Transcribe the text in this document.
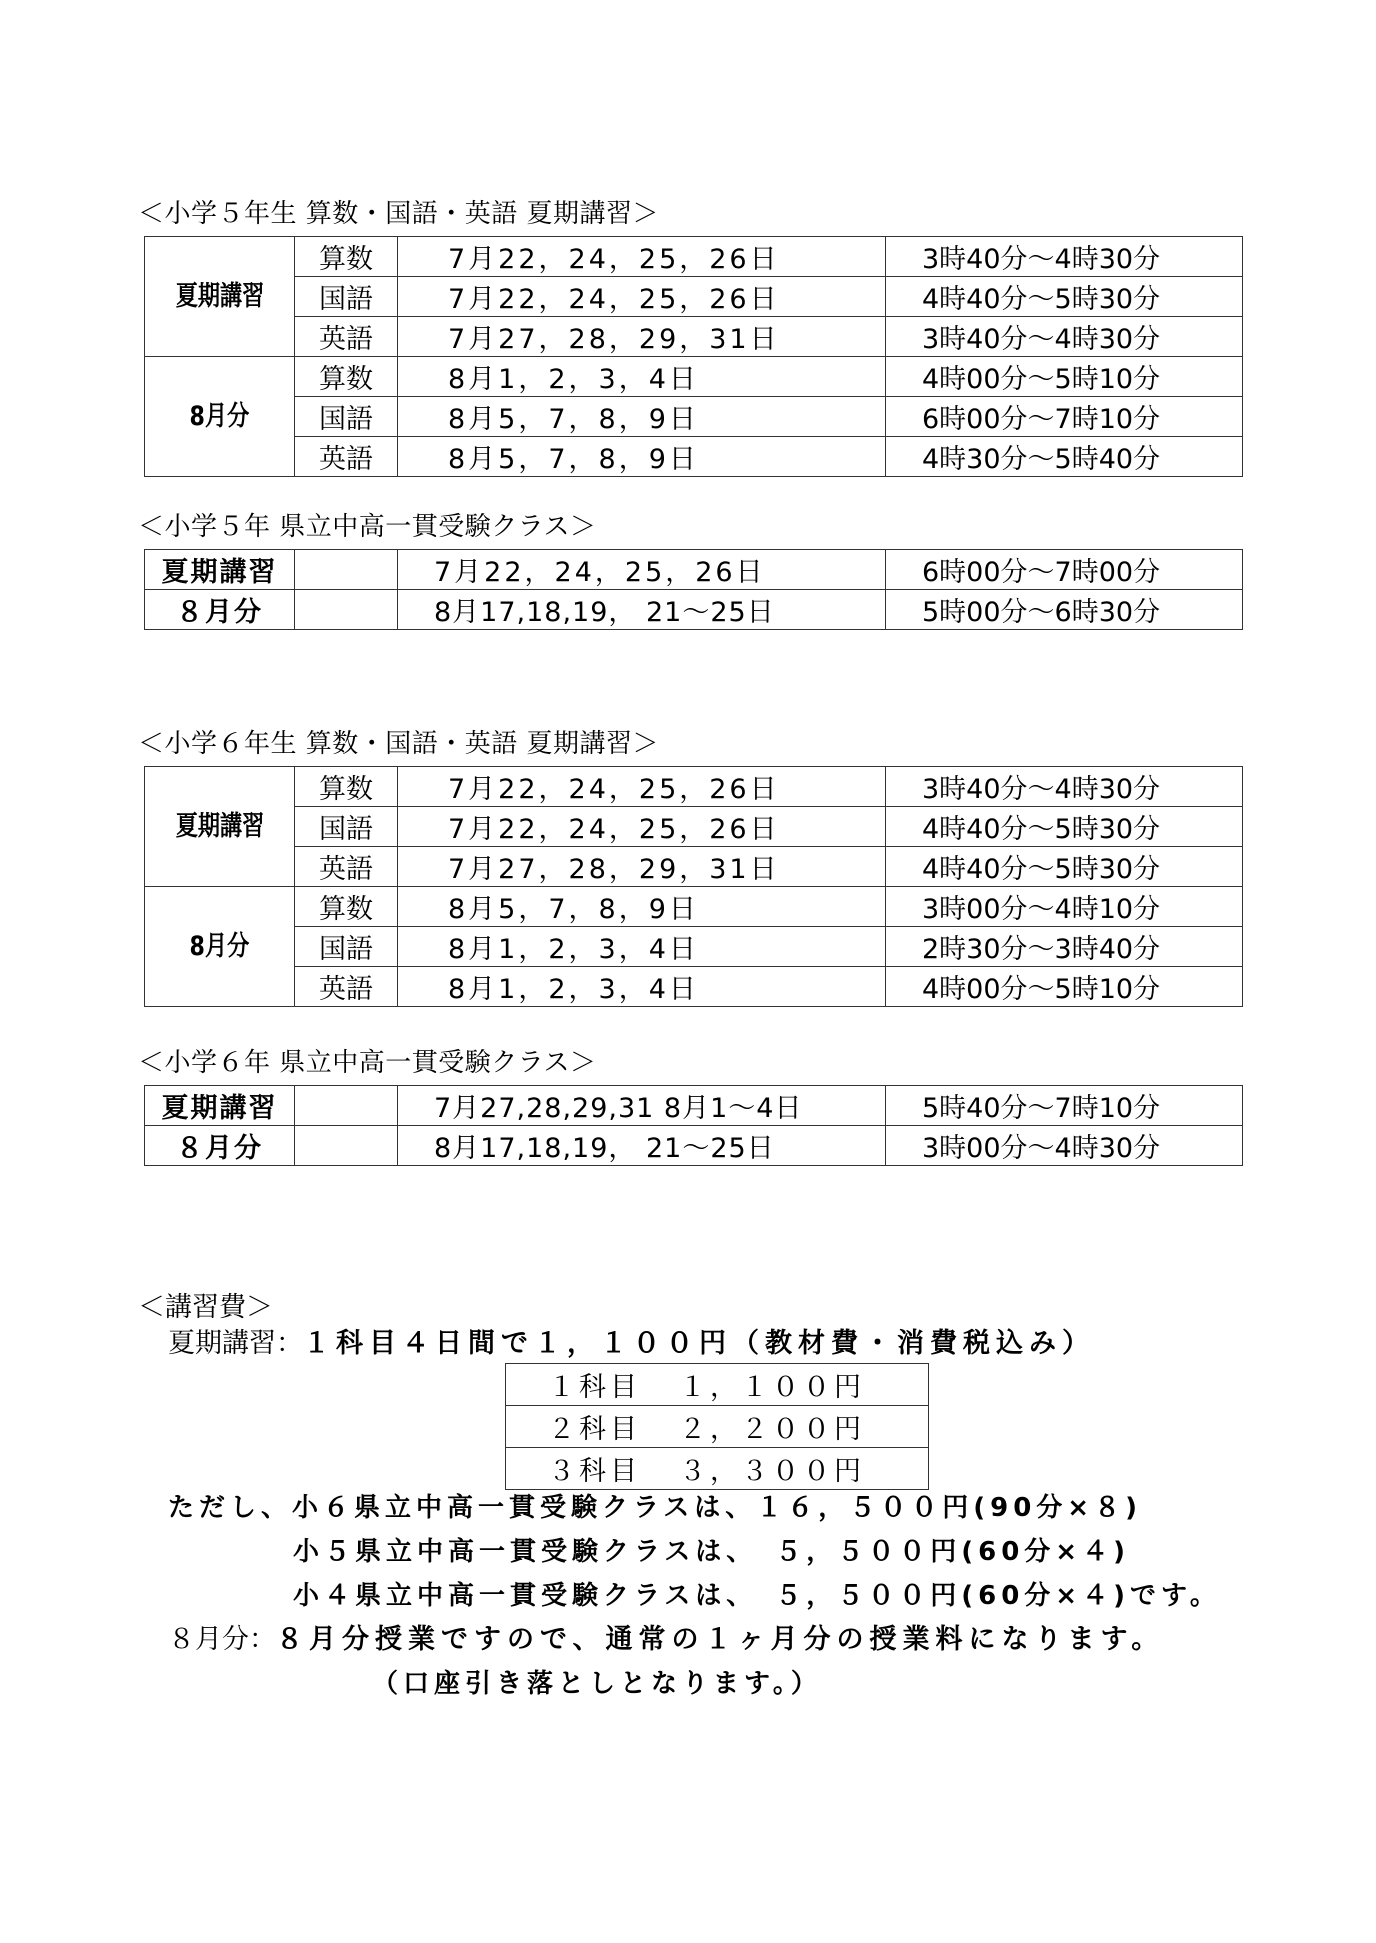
＜小学５年生 算数・国語・英語 夏期講習＞
夏期講習	算数	7月22，24，25，26日	3時40分～4時30分
	国語	7月22，24，25，26日	4時40分～5時30分
	英語	7月27，28，29，31日	3時40分～4時30分
8月分	算数	8月1，2，3，4日	4時00分～5時10分
	国語	8月5，7，8，9日	6時00分～7時10分
	英語	8月5，7，8，9日	4時30分～5時40分
＜小学５年 県立中高一貫受験クラス＞
夏期講習		7月22，24，25，26日	6時00分～7時00分
８月分		8月17,18,19， 21～25日	5時00分～6時30分
＜小学６年生 算数・国語・英語 夏期講習＞
夏期講習	算数	7月22，24，25，26日	3時40分～4時30分
	国語	7月22，24，25，26日	4時40分～5時30分
	英語	7月27，28，29，31日	4時40分～5時30分
8月分	算数	8月5，7，8，9日	3時00分～4時10分
	国語	8月1，2，3，4日	2時30分～3時40分
	英語	8月1，2，3，4日	4時00分～5時10分
＜小学６年 県立中高一貫受験クラス＞
夏期講習		7月27,28,29,31 8月1～4日	5時40分～7時10分
８月分		8月17,18,19， 21～25日	3時00分～4時30分
＜講習費＞
夏期講習：１科目４日間で１，１００円（教材費・消費税込み）
１科目	１，１００円
２科目	２，２００円
３科目	３，３００円
ただし、小６県立中高一貫受験クラスは、１６，５００円(90分×８)
小５県立中高一貫受験クラスは、　５，５００円(60分×４)
小４県立中高一貫受験クラスは、　５，５００円(60分×４)です。
８月分：８月分授業ですので、通常の１ヶ月分の授業料になります。
（口座引き落としとなります。）
